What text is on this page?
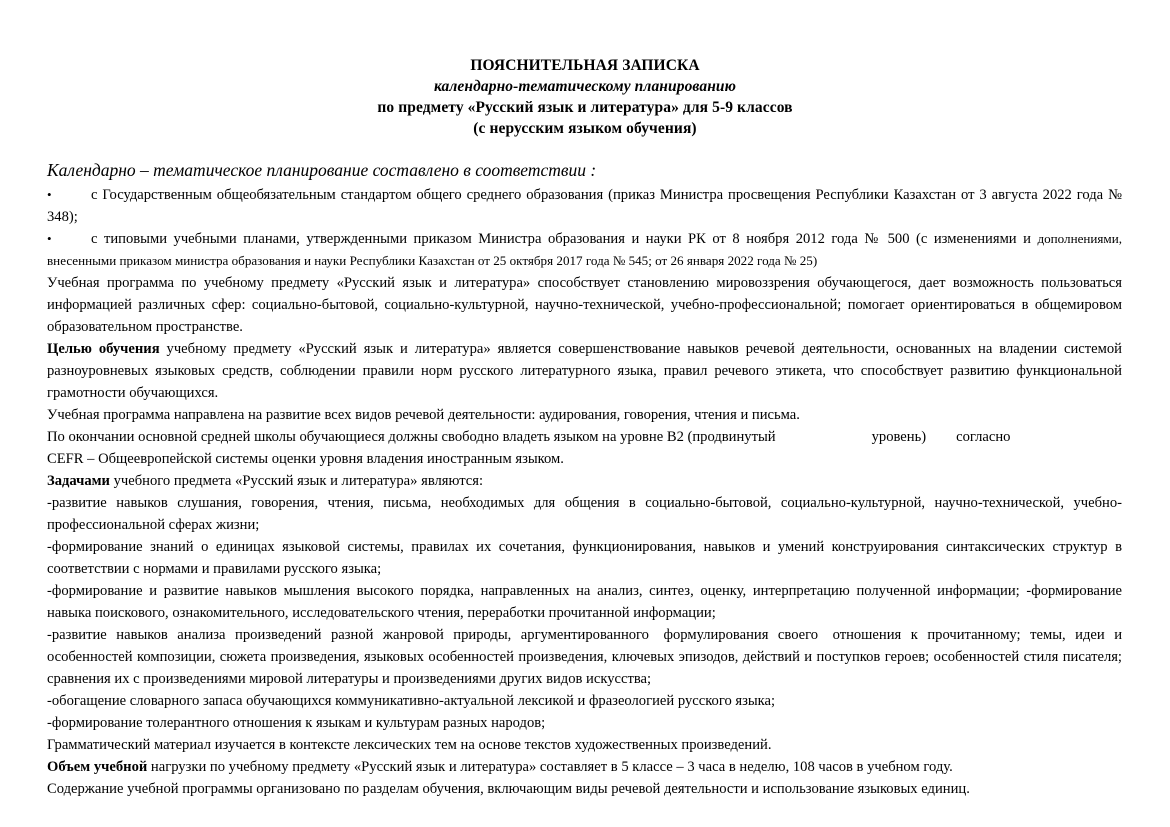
ПОЯСНИТЕЛЬНАЯ ЗАПИСКА
календарно-тематическому планированию
по предмету «Русский язык и литература» для 5-9 классов
(с нерусским языком обучения)
Календарно – тематическое планирование составлено в соответствии :
•	с Государственным общеобязательным стандартом общего среднего образования (приказ Министра просвещения Республики Казахстан от 3 августа 2022 года № 348);
•	с типовыми учебными планами, утвержденными приказом Министра образования и науки РК от 8 ноября 2012 года № 500 (с изменениями и дополнениями, внесенными приказом министра образования и науки Республики Казахстан от 25 октября 2017 года № 545; от 26 января 2022 года № 25)

Учебная программа по учебному предмету «Русский язык и литература» способствует становлению мировоззрения обучающегося, дает возможность пользоваться информацией различных сфер: социально-бытовой, социально-культурной, научно-технической, учебно-профессиональной; помогает ориентироваться в общемировом образовательном пространстве.

Целью обучения учебному предмету «Русский язык и литература» является совершенствование навыков речевой деятельности, основанных на владении системой разноуровневых языковых средств, соблюдении правили норм русского литературного языка, правил речевого этикета, что способствует развитию функциональной грамотности обучающихся.

Учебная программа направлена на развитие всех видов речевой деятельности: аудирования, говорения, чтения и письма.

По окончании основной средней школы обучающиеся должны свободно владеть языком на уровне В2 (продвинутый	уровень) согласно

CEFR – Общеевропейской системы оценки уровня владения иностранным языком.

Задачами учебного предмета «Русский язык и литература» являются:

-развитие навыков слушания, говорения, чтения, письма, необходимых для общения в социально-бытовой, социально-культурной, научно-технической, учебно-профессиональной сферах жизни;

-формирование знаний о единицах языковой системы, правилах их сочетания, функционирования, навыков и умений конструирования синтаксических структур в соответствии с нормами и правилами русского языка;

-формирование и развитие навыков мышления высокого порядка, направленных на анализ, синтез, оценку, интерпретацию полученной информации; -формирование навыка поискового, ознакомительного, исследовательского чтения, переработки прочитанной информации;

-развитие навыков анализа произведений разной жанровой природы, аргументированного формулирования своего отношения к прочитанному; темы, идеи и особенностей композиции, сюжета произведения, языковых особенностей произведения, ключевых эпизодов, действий и поступков героев; особенностей стиля писателя; сравнения их с произведениями мировой литературы и произведениями других видов искусства;

-обогащение словарного запаса обучающихся коммуникативно-актуальной лексикой и фразеологией русского языка;

-формирование толерантного отношения к языкам и культурам разных народов;

Грамматический материал изучается в контексте лексических тем на основе текстов художественных произведений.

Объем учебной нагрузки по учебному предмету «Русский язык и литература» составляет в 5 классе – 3 часа в неделю, 108 часов в учебном году.

Содержание учебной программы организовано по разделам обучения, включающим виды речевой деятельности и использование языковых единиц.
